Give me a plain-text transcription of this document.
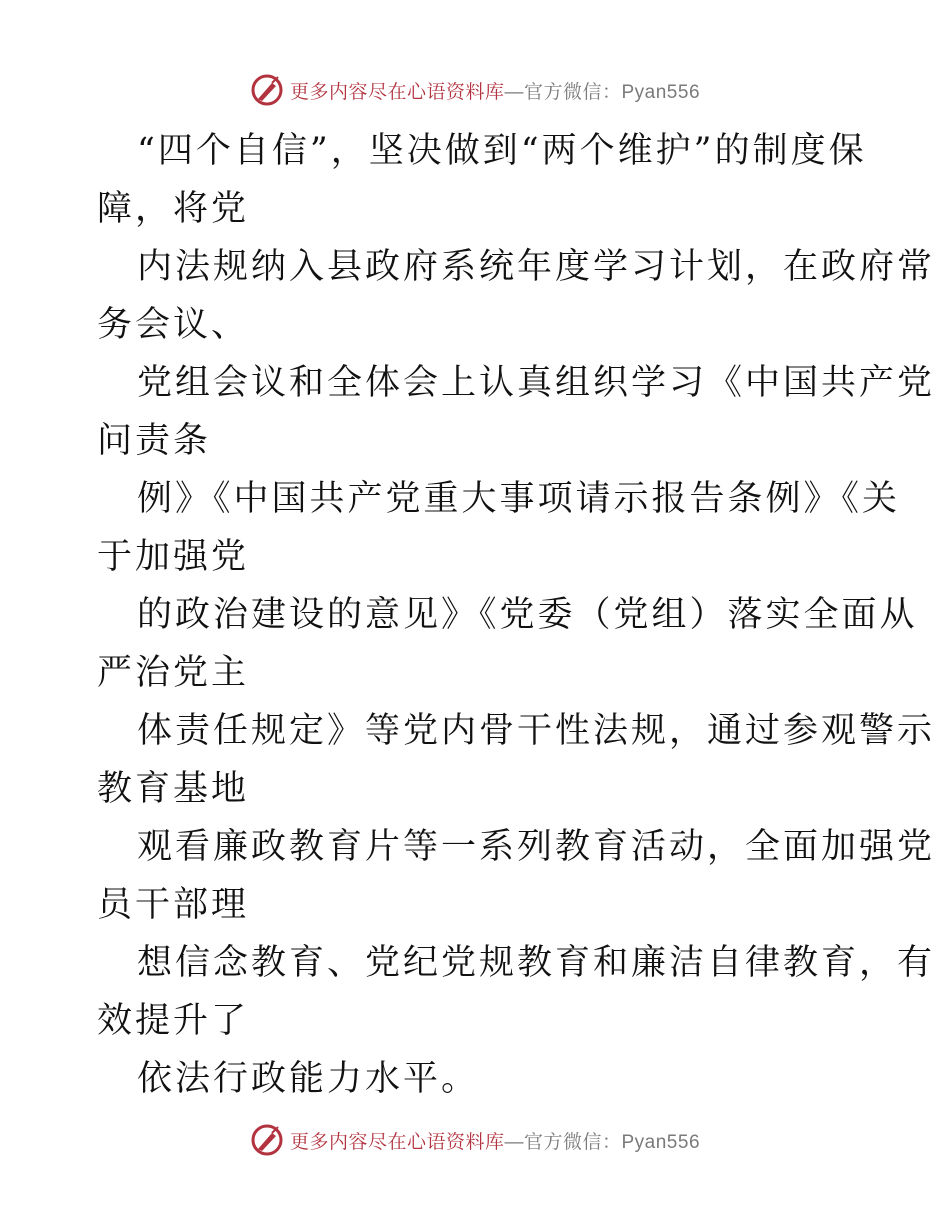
更多内容尽在心语资料库—官方微信：Pyan556

“四个自信”，坚决做到“两个维护”的制度保
障，将党

内法规纳入县政府系统年度学习计划，在政府常
务会议、

党组会议和全体会上认真组织学习《中国共产党
问责条

例》《中国共产党重大事项请示报告条例》《关
于加强党

的政治建设的意见》《党委（党组）落实全面从
严治党主

体责任规定》等党内骨干性法规，通过参观警示
教育基地

观看廉政教育片等一系列教育活动，全面加强党
员干部理

想信念教育、党纪党规教育和廉洁自律教育，有
效提升了

依法行政能力水平。

更多内容尽在心语资料库—官方微信：Pyan556
